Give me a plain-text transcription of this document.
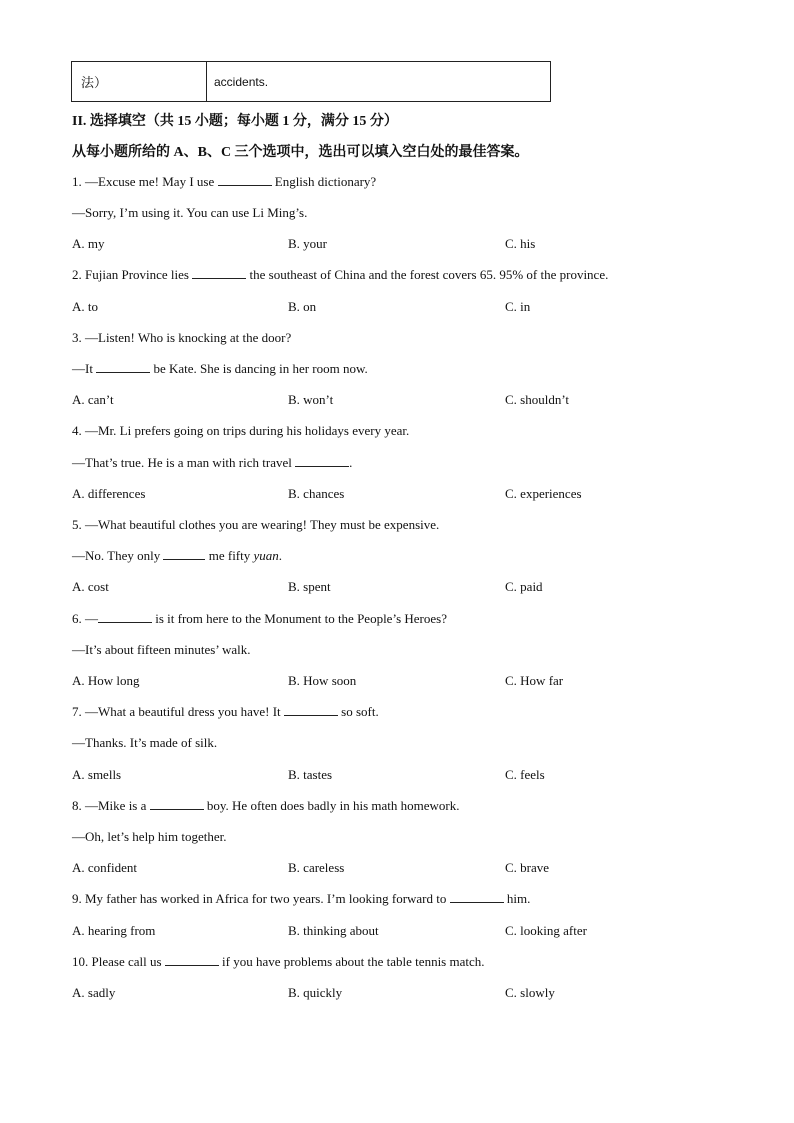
法）	accidents.
II. 选择填空（共 15 小题；每小题 1 分，满分 15 分）
从每小题所给的 A、B、C 三个选项中，选出可以填入空白处的最佳答案。
1. —Excuse me! May I use	English dictionary?
—Sorry, I’m using it. You can use Li Ming’s.
A. my	B. your	C. his
2. Fujian Province lies	the southeast of China and the forest covers 65. 95% of the province.
A. to	B. on	C. in
3. —Listen! Who is knocking at the door?
—It	be Kate. She is dancing in her room now.
A. can’t	B. won’t	C. shouldn’t
4. —Mr. Li prefers going on trips during his holidays every year.
—That’s true. He is a man with rich travel	.
A. differences	B. chances	C. experiences
5. —What beautiful clothes you are wearing! They must be expensive.
—No. They only	me fifty yuan.
A. cost	B. spent	C. paid
6. —	is it from here to the Monument to the People’s Heroes?
—It’s about fifteen minutes’ walk.
A. How long	B. How soon	C. How far
7. —What a beautiful dress you have! It	so soft.
—Thanks. It’s made of silk.
A. smells	B. tastes	C. feels
8. —Mike is a	boy. He often does badly in his math homework.
—Oh, let’s help him together.
A. confident	B. careless	C. brave
9. My father has worked in Africa for two years. I’m looking forward to	him.
A. hearing from	B. thinking about	C. looking after
10. Please call us	if you have problems about the table tennis match.
A. sadly	B. quickly	C. slowly
